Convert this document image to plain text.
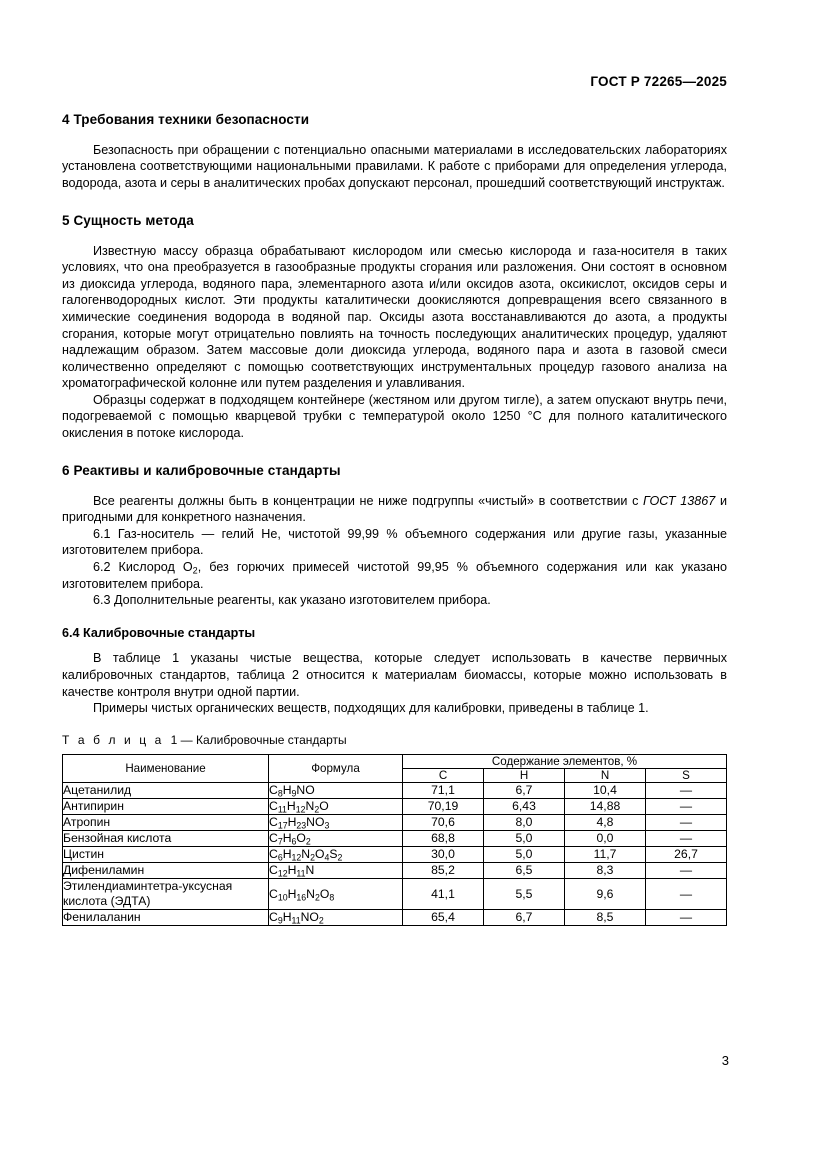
ГОСТ Р 72265—2025
4 Требования техники безопасности

Безопасность при обращении с потенциально опасными материалами в исследовательских лабораториях установлена соответствующими национальными правилами. К работе с приборами для определения углерода, водорода, азота и серы в аналитических пробах допускают персонал, прошедший соответствующий инструктаж.

5 Сущность метода

Известную массу образца обрабатывают кислородом или смесью кислорода и газа-носителя в таких условиях, что она преобразуется в газообразные продукты сгорания или разложения. Они состоят в основном из диоксида углерода, водяного пара, элементарного азота и/или оксидов азота, оксикислот, оксидов серы и галогенводородных кислот. Эти продукты каталитически доокисляются допревращения всего связанного в химические соединения водорода в водяной пар. Оксиды азота восстанавливаются до азота, а продукты сгорания, которые могут отрицательно повлиять на точность последующих аналитических процедур, удаляют надлежащим образом. Затем массовые доли диоксида углерода, водяного пара и азота в газовой смеси количественно определяют с помощью соответствующих инструментальных процедур газового анализа на хроматографической колонне или путем разделения и улавливания.

Образцы содержат в подходящем контейнере (жестяном или другом тигле), а затем опускают внутрь печи, подогреваемой с помощью кварцевой трубки с температурой около 1250 °С для полного каталитического окисления в потоке кислорода.

6 Реактивы и калибровочные стандарты

Все реагенты должны быть в концентрации не ниже подгруппы «чистый» в соответствии с ГОСТ 13867 и пригодными для конкретного назначения.

6.1 Газ-носитель — гелий He, чистотой 99,99 % объемного содержания или другие газы, указанные изготовителем прибора.

6.2 Кислород $О_2$, без горючих примесей чистотой 99,95 % объемного содержания или как указано изготовителем прибора.

6.3 Дополнительные реагенты, как указано изготовителем прибора.

6.4 Калибровочные стандарты

В таблице 1 указаны чистые вещества, которые следует использовать в качестве первичных калибровочных стандартов, таблица 2 относится к материалам биомассы, которые можно использовать в качестве контроля внутри одной партии.

Примеры чистых органических веществ, подходящих для калибровки, приведены в таблице 1.

Т а б л и ц а 1 — Калибровочные стандарты
Наименование	Формула	Содержание элементов, %			
		C	H	N	S
Ацетанилид	$C_8H_9NO$	71,1	6,7	10,4	—
Антипирин	$C_{11}H_{12}N_2O$	70,19	6,43	14,88	—
Атропин	$C_{17}H_{23}NO_3$	70,6	8,0	4,8	—
Бензойная кислота	$C_7H_6O_2$	68,8	5,0	0,0	—
Цистин	$C_6H_{12}N_2O_4S_2$	30,0	5,0	11,7	26,7
Дифениламин	$C_{12}H_{11}N$	85,2	6,5	8,3	—
Этилендиаминтетра-уксусная кислота (ЭДТА)	$C_{10}H_{16}N_2O_8$	41,1	5,5	9,6	—
Фенилаланин	$C_9H_{11}NO_2$	65,4	6,7	8,5	—
3
